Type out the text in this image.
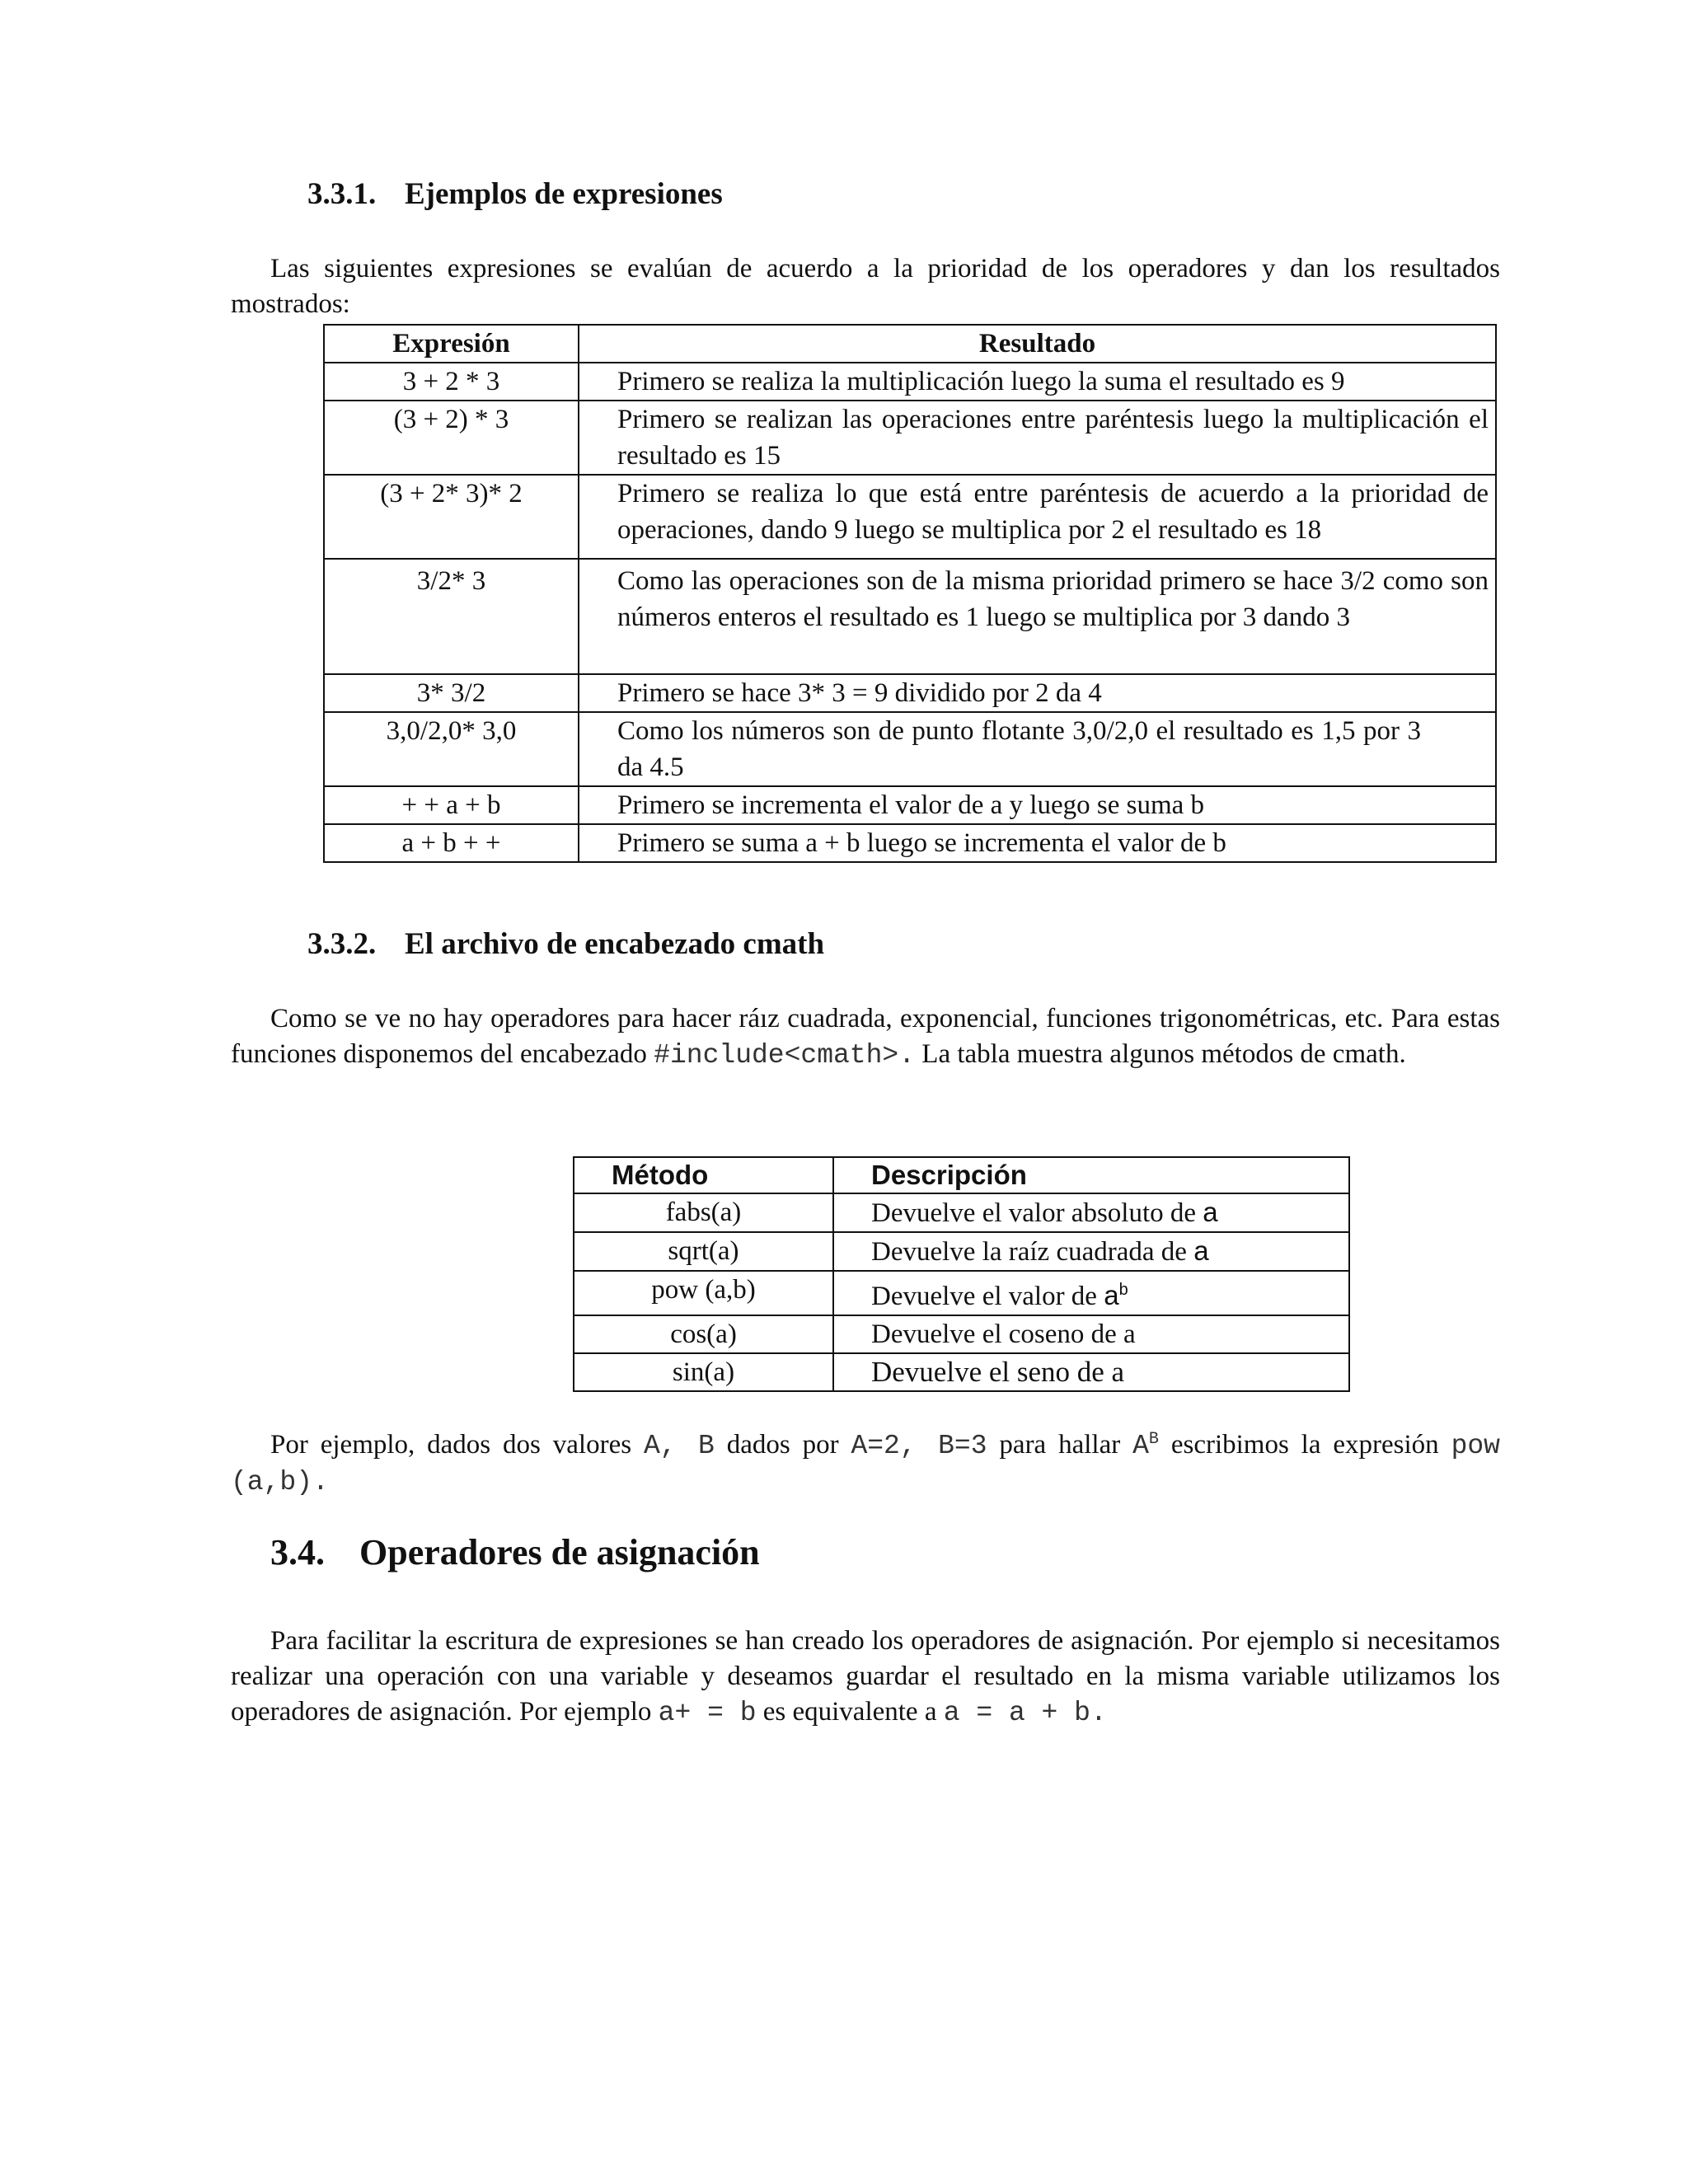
3.3.1. Ejemplos de expresiones

Las siguientes expresiones se evalúan de acuerdo a la prioridad de los operadores y dan los resultados mostrados:

Expresión	Resultado
3 + 2 * 3	Primero se realiza la multiplicación luego la suma el resultado es 9
(3 + 2) * 3	Primero se realizan las operaciones entre paréntesis luego la multiplicación el resultado es 15
(3 + 2* 3)* 2	Primero se realiza lo que está entre paréntesis de acuerdo a la prioridad de operaciones, dando 9 luego se multiplica por 2 el resultado es 18
3/2* 3	Como las operaciones son de la misma prioridad primero se hace 3/2 como son números enteros el resultado es 1 luego se multiplica por 3 dando 3
3* 3/2	Primero se hace 3* 3 = 9 dividido por 2 da 4
3,0/2,0* 3,0	Como los números son de punto flotante 3,0/2,0 el resultado es 1,5 por 3 da 4.5
+ + a + b	Primero se incrementa el valor de a y luego se suma b
a + b + +	Primero se suma a + b luego se incrementa el valor de b
3.3.2. El archivo de encabezado cmath

Como se ve no hay operadores para hacer ráız cuadrada, exponencial, funciones trigonométricas, etc. Para estas funciones disponemos del encabezado #include<cmath>. La tabla muestra algunos métodos de cmath.

Método	Descripción
fabs(a)	Devuelve el valor absoluto de a
sqrt(a)	Devuelve la raíz cuadrada de a
pow (a,b)	Devuelve el valor de $a^b$
cos(a)	Devuelve el coseno de a
sin(a)	Devuelve el seno de a

Por ejemplo, dados dos valores A, B dados por A=2, B=3 para hallar $A^B$ escribimos la expresión pow (a,b).

3.4. Operadores de asignación

Para facilitar la escritura de expresiones se han creado los operadores de asignación. Por ejemplo si necesitamos realizar una operación con una variable y deseamos guardar el resultado en la misma variable utilizamos los operadores de asignación. Por ejemplo a+ = b es equivalente a a = a + b.
